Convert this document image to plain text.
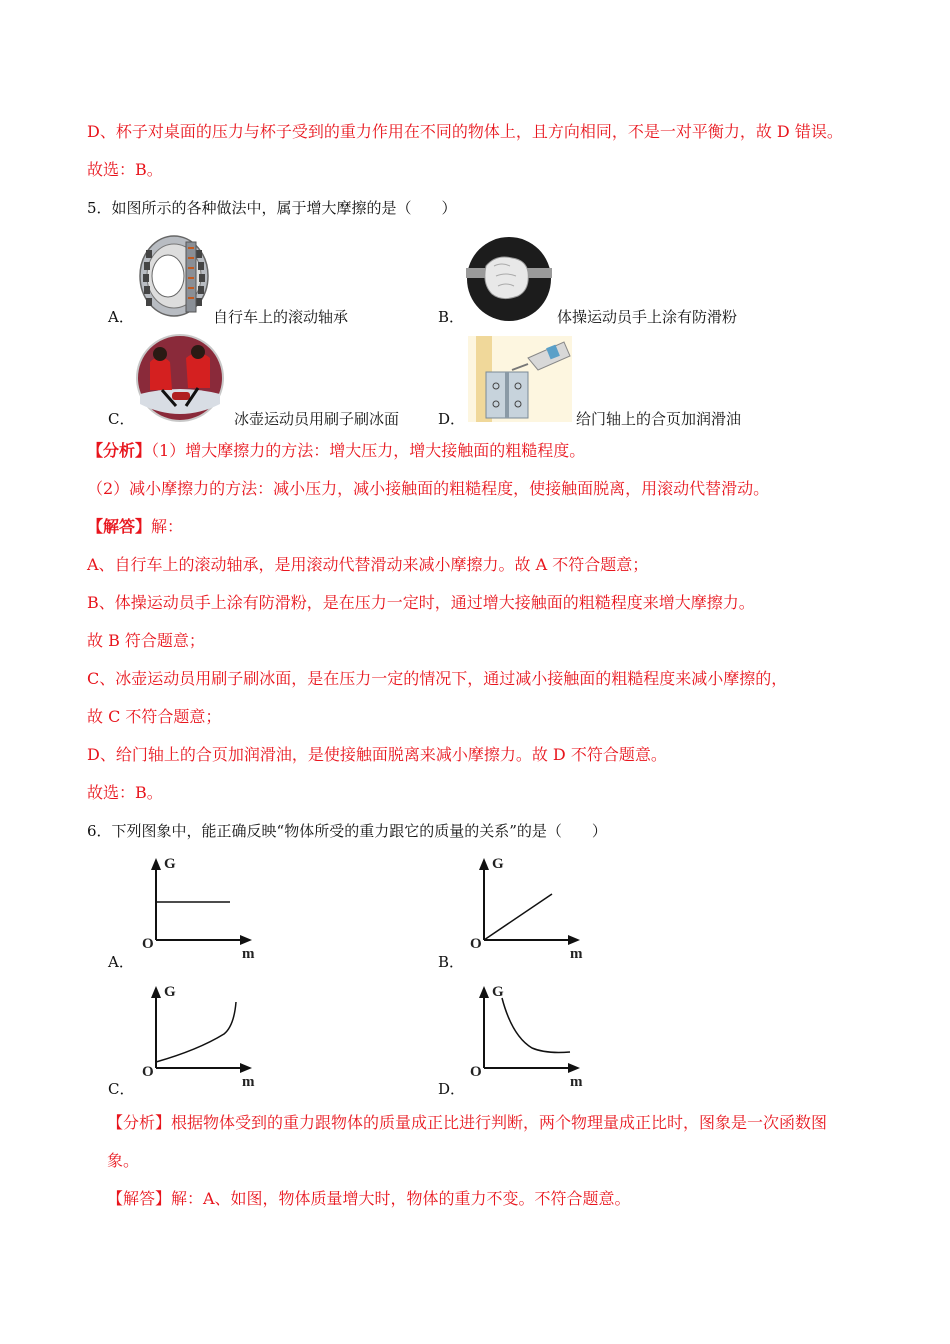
D、杯子对桌面的压力与杯子受到的重力作用在不同的物体上，且方向相同，不是一对平衡力，故 D 错误。
故选：B。
5．如图所示的各种做法中，属于增大摩擦的是（　　）
A．	自行车上的滚动轴承	B．	体操运动员手上涂有防滑粉
C．	冰壶运动员用刷子刷冰面	D．	给门轴上的合页加润滑油
【分析】（1）增大摩擦力的方法：增大压力，增大接触面的粗糙程度。
（2）减小摩擦力的方法：减小压力，减小接触面的粗糙程度，使接触面脱离，用滚动代替滑动。
【解答】解：
A、自行车上的滚动轴承，是用滚动代替滑动来减小摩擦力。故 A 不符合题意；
B、体操运动员手上涂有防滑粉，是在压力一定时，通过增大接触面的粗糙程度来增大摩擦力。
故 B 符合题意；
C、冰壶运动员用刷子刷冰面，是在压力一定的情况下，通过减小接触面的粗糙程度来减小摩擦的，
故 C 不符合题意；
D、给门轴上的合页加润滑油，是使接触面脱离来减小摩擦力。故 D 不符合题意。
故选：B。
6．下列图象中，能正确反映“物体所受的重力跟它的质量的关系”的是（　　）
G
O
m
A．
G
O
m
B．
G
O
m
C．
G
O
m
D．
【分析】根据物体受到的重力跟物体的质量成正比进行判断，两个物理量成正比时，图象是一次函数图
象。
【解答】解：A、如图，物体质量增大时，物体的重力不变。不符合题意。
